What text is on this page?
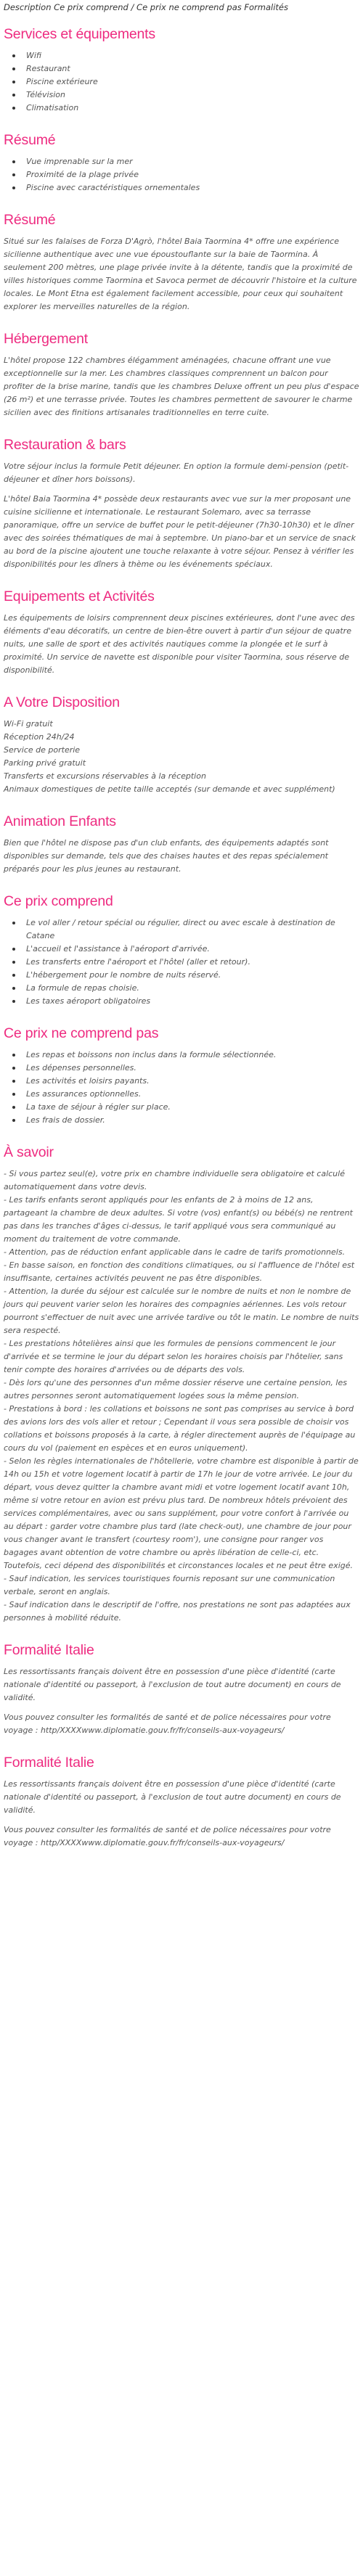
Description Ce prix comprend / Ce prix ne comprend pas Formalités
Services et équipements
Wifi
Restaurant
Piscine extérieure
Télévision
Climatisation
Résumé
Vue imprenable sur la mer
Proximité de la plage privée
Piscine avec caractéristiques ornementales
Résumé

Situé sur les falaises de Forza D'Agrò, l'hôtel Baia Taormina 4* offre une expérience sicilienne authentique avec une vue époustouflante sur la baie de Taormina. À seulement 200 mètres, une plage privée invite à la détente, tandis que la proximité de villes historiques comme Taormina et Savoca permet de découvrir l'histoire et la culture locales. Le Mont Etna est également facilement accessible, pour ceux qui souhaitent explorer les merveilles naturelles de la région.

Hébergement

L'hôtel propose 122 chambres élégamment aménagées, chacune offrant une vue exceptionnelle sur la mer. Les chambres classiques comprennent un balcon pour profiter de la brise marine, tandis que les chambres Deluxe offrent un peu plus d'espace (26 m²) et une terrasse privée. Toutes les chambres permettent de savourer le charme sicilien avec des finitions artisanales traditionnelles en terre cuite.

Restauration & bars

Votre séjour inclus la formule Petit déjeuner. En option la formule demi-pension (petit-déjeuner et dîner hors boissons).

L'hôtel Baia Taormina 4* possède deux restaurants avec vue sur la mer proposant une cuisine sicilienne et internationale. Le restaurant Solemaro, avec sa terrasse panoramique, offre un service de buffet pour le petit-déjeuner (7h30-10h30) et le dîner avec des soirées thématiques de mai à septembre. Un piano-bar et un service de snack au bord de la piscine ajoutent une touche relaxante à votre séjour. Pensez à vérifier les disponibilités pour les dîners à thème ou les événements spéciaux.

Equipements et Activités

Les équipements de loisirs comprennent deux piscines extérieures, dont l'une avec des éléments d'eau décoratifs, un centre de bien-être ouvert à partir d'un séjour de quatre nuits, une salle de sport et des activités nautiques comme la plongée et le surf à proximité. Un service de navette est disponible pour visiter Taormina, sous réserve de disponibilité.

A Votre Disposition

Wi-Fi gratuit

Réception 24h/24

Service de porterie

Parking privé gratuit

Transferts et excursions réservables à la réception

Animaux domestiques de petite taille acceptés (sur demande et avec supplément)

Animation Enfants

Bien que l'hôtel ne dispose pas d'un club enfants, des équipements adaptés sont disponibles sur demande, tels que des chaises hautes et des repas spécialement préparés pour les plus jeunes au restaurant.

Ce prix comprend
Le vol aller / retour spécial ou régulier, direct ou avec escale à destination de Catane
L'accueil et l'assistance à l'aéroport d'arrivée.
Les transferts entre l'aéroport et l'hôtel (aller et retour).
L'hébergement pour le nombre de nuits réservé.
La formule de repas choisie.
Les taxes aéroport obligatoires
Ce prix ne comprend pas
Les repas et boissons non inclus dans la formule sélectionnée.
Les dépenses personnelles.
Les activités et loisirs payants.
Les assurances optionnelles.
La taxe de séjour à régler sur place.
Les frais de dossier.
À savoir

- Si vous partez seul(e), votre prix en chambre individuelle sera obligatoire et calculé automatiquement dans votre devis.
- Les tarifs enfants seront appliqués pour les enfants de 2 à moins de 12 ans, partageant la chambre de deux adultes. Si votre (vos) enfant(s) ou bébé(s) ne rentrent pas dans les tranches d'âges ci-dessus, le tarif appliqué vous sera communiqué au moment du traitement de votre commande.
- Attention, pas de réduction enfant applicable dans le cadre de tarifs promotionnels.
- En basse saison, en fonction des conditions climatiques, ou si l'affluence de l'hôtel est insuffisante, certaines activités peuvent ne pas être disponibles.
- Attention, la durée du séjour est calculée sur le nombre de nuits et non le nombre de jours qui peuvent varier selon les horaires des compagnies aériennes. Les vols retour pourront s'effectuer de nuit avec une arrivée tardive ou tôt le matin. Le nombre de nuits sera respecté.
- Les prestations hôtelières ainsi que les formules de pensions commencent le jour d'arrivée et se termine le jour du départ selon les horaires choisis par l'hôtelier, sans tenir compte des horaires d'arrivées ou de départs des vols.
- Dès lors qu'une des personnes d'un même dossier réserve une certaine pension, les autres personnes seront automatiquement logées sous la même pension.
- Prestations à bord : les collations et boissons ne sont pas comprises au service à bord des avions lors des vols aller et retour ; Cependant il vous sera possible de choisir vos collations et boissons proposés à la carte, à régler directement auprès de l'équipage au cours du vol (paiement en espèces et en euros uniquement).
- Selon les règles internationales de l'hôtellerie, votre chambre est disponible à partir de 14h ou 15h et votre logement locatif à partir de 17h le jour de votre arrivée. Le jour du départ, vous devez quitter la chambre avant midi et votre logement locatif avant 10h, même si votre retour en avion est prévu plus tard. De nombreux hôtels prévoient des services complémentaires, avec ou sans supplément, pour votre confort à l'arrivée ou au départ : garder votre chambre plus tard (late check-out), une chambre de jour pour vous changer avant le transfert (courtesy room'), une consigne pour ranger vos bagages avant obtention de votre chambre ou après libération de celle-ci, etc. Toutefois, ceci dépend des disponibilités et circonstances locales et ne peut être exigé.
- Sauf indication, les services touristiques fournis reposant sur une communication verbale, seront en anglais.
- Sauf indication dans le descriptif de l'offre, nos prestations ne sont pas adaptées aux personnes à mobilité réduite.

Formalité Italie

Les ressortissants français doivent être en possession d'une pièce d'identité (carte nationale d'identité ou passeport, à l'exclusion de tout autre document) en cours de validité.

Vous pouvez consulter les formalités de santé et de police nécessaires pour votre voyage : http/XXXXwww.diplomatie.gouv.fr/fr/conseils-aux-voyageurs/

Formalité Italie

Les ressortissants français doivent être en possession d'une pièce d'identité (carte nationale d'identité ou passeport, à l'exclusion de tout autre document) en cours de validité.

Vous pouvez consulter les formalités de santé et de police nécessaires pour votre voyage : http/XXXXwww.diplomatie.gouv.fr/fr/conseils-aux-voyageurs/
